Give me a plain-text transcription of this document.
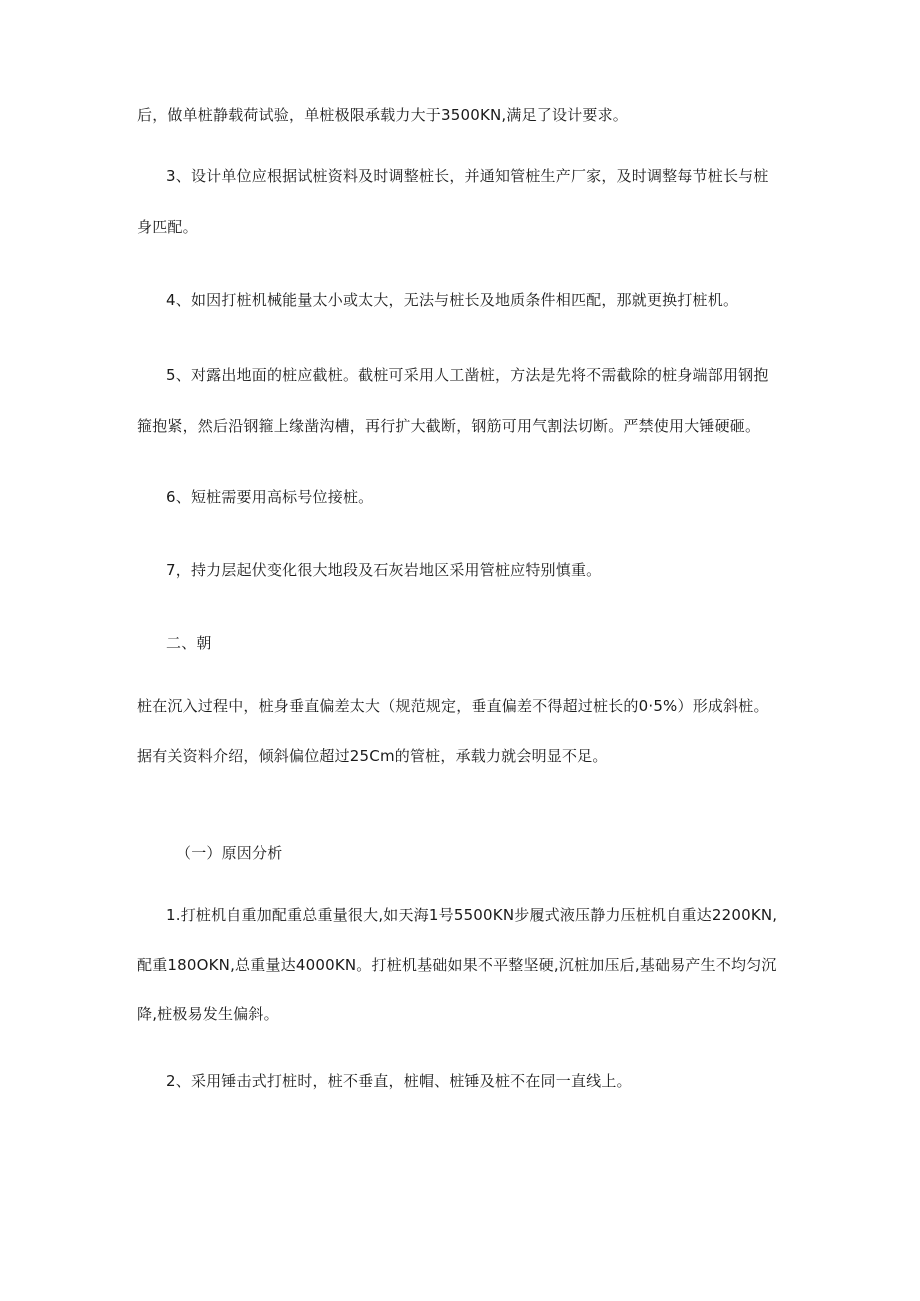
后，做单桩静载荷试验，单桩极限承载力大于3500KN,满足了设计要求。
3、设计单位应根据试桩资料及时调整桩长，并通知管桩生产厂家，及时调整每节桩长与桩
身匹配。
4、如因打桩机械能量太小或太大，无法与桩长及地质条件相匹配，那就更换打桩机。
5、对露出地面的桩应截桩。截桩可采用人工凿桩，方法是先将不需截除的桩身端部用钢抱
箍抱紧，然后沿钢箍上缘凿沟槽，再行扩大截断，钢筋可用气割法切断。严禁使用大锤硬砸。
6、短桩需要用高标号位接桩。
7，持力层起伏变化很大地段及石灰岩地区采用管桩应特别慎重。
二、朝
桩在沉入过程中，桩身垂直偏差太大（规范规定，垂直偏差不得超过桩长的0·5%）形成斜桩。
据有关资料介绍，倾斜偏位超过25Cm的管桩，承载力就会明显不足。
（一）原因分析
1.打桩机自重加配重总重量很大,如天海1号5500KN步履式液压静力压桩机自重达2200KN,
配重180OKN,总重量达4000KN。打桩机基础如果不平整坚硬,沉桩加压后,基础易产生不均匀沉
降,桩极易发生偏斜。
2、采用锤击式打桩时，桩不垂直，桩帽、桩锤及桩不在同一直线上。
